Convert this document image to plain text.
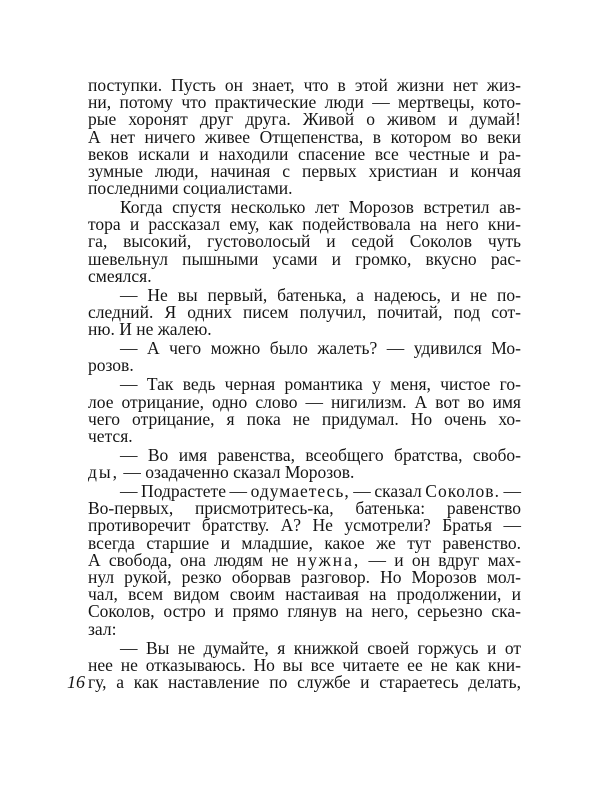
поступки. Пусть он знает, что в этой жизни нет жиз-
ни, потому что практические люди — мертвецы, кото-
рые хоронят друг друга. Живой о живом и думай!
А нет ничего живее Отщепенства, в котором во веки
веков искали и находили спасение все честные и ра-
зумные люди, начиная с первых христиан и кончая
последними социалистами.
Когда спустя несколько лет Морозов встретил ав-
тора и рассказал ему, как подействовала на него кни-
га, высокий, густоволосый и седой Соколов чуть
шевельнул пышными усами и громко, вкусно рас-
смеялся.
— Не вы первый, батенька, а надеюсь, и не по-
следний. Я одних писем получил, почитай, под сот-
ню. И не жалею.
— А чего можно было жалеть? — удивился Мо-
розов.
— Так ведь черная романтика у меня, чистое го-
лое отрицание, одно слово — нигилизм. А вот во имя
чего отрицание, я пока не придумал. Но очень хо-
чется.
— Во имя равенства, всеобщего братства, свобо-
ды, — озадаченно сказал Морозов.
— Подрастете — одумаетесь, — сказал Соколов. —
Во-первых, присмотритесь-ка, батенька: равенство
противоречит братству. А? Не усмотрели? Братья —
всегда старшие и младшие, какое же тут равенство.
А свобода, она людям не нужна, — и он вдруг мах-
нул рукой, резко оборвав разговор. Но Морозов мол-
чал, всем видом своим настаивая на продолжении, и
Соколов, остро и прямо глянув на него, серьезно ска-
зал:
— Вы не думайте, я книжкой своей горжусь и от
нее не отказываюсь. Но вы все читаете ее не как кни-
гу, а как наставление по службе и стараетесь делать,
16
